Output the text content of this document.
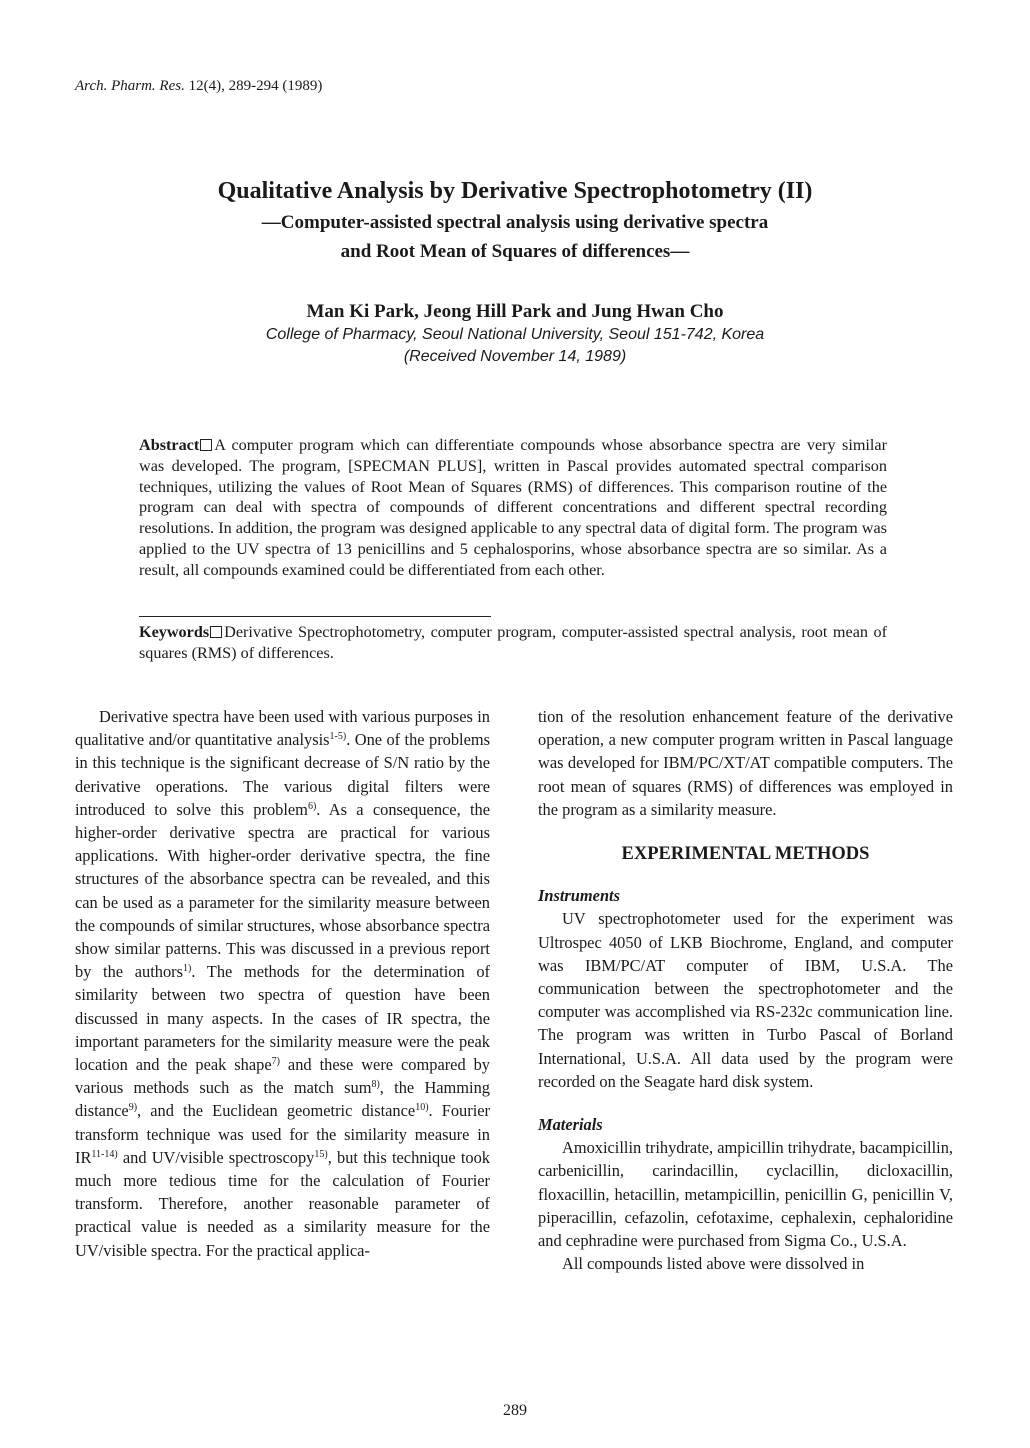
Arch. Pharm. Res. 12(4), 289-294 (1989)
Qualitative Analysis by Derivative Spectrophotometry (II)
—Computer-assisted spectral analysis using derivative spectra
and Root Mean of Squares of differences—
Man Ki Park, Jeong Hill Park and Jung Hwan Cho
College of Pharmacy, Seoul National University, Seoul 151-742, Korea
(Received November 14, 1989)

Abstract A computer program which can differentiate compounds whose absorbance spectra are very similar was developed. The program, [SPECMAN PLUS], written in Pascal provides automated spectral comparison techniques, utilizing the values of Root Mean of Squares (RMS) of differences. This comparison routine of the program can deal with spectra of compounds of different concentrations and different spectral recording resolutions. In addition, the program was designed applicable to any spectral data of digital form. The program was applied to the UV spectra of 13 penicillins and 5 cephalosporins, whose absorbance spectra are so similar. As a result, all compounds examined could be differentiated from each other.

Keywords Derivative Spectrophotometry, computer program, computer-assisted spectral analysis, root mean of squares (RMS) of differences.

Derivative spectra have been used with various purposes in qualitative and/or quantitative analysis$^{1-5)}$. One of the problems in this technique is the significant decrease of S/N ratio by the derivative operations. The various digital filters were introduced to solve this problem$^{6)}$. As a consequence, the higher-order derivative spectra are practical for various applications. With higher-order derivative spectra, the fine structures of the absorbance spectra can be revealed, and this can be used as a parameter for the similarity measure between the compounds of similar structures, whose absorbance spectra show similar patterns. This was discussed in a previous report by the authors$^{1)}$. The methods for the determination of similarity between two spectra of question have been discussed in many aspects. In the cases of IR spectra, the important parameters for the similarity measure were the peak location and the peak shape$^{7)}$ and these were compared by various methods such as the match sum$^{8)}$, the Hamming distance$^{9)}$, and the Euclidean geometric distance$^{10)}$. Fourier transform technique was used for the similarity measure in IR$^{11-14)}$ and UV/visible spectroscopy$^{15)}$, but this technique took much more tedious time for the calculation of Fourier transform. Therefore, another reasonable parameter of practical value is needed as a similarity measure for the UV/visible spectra. For the practical applica-

tion of the resolution enhancement feature of the derivative operation, a new computer program written in Pascal language was developed for IBM/PC/XT/AT compatible computers. The root mean of squares (RMS) of differences was employed in the program as a similarity measure.

EXPERIMENTAL METHODS
Instruments

UV spectrophotometer used for the experiment was Ultrospec 4050 of LKB Biochrome, England, and computer was IBM/PC/AT computer of IBM, U.S.A. The communication between the spectrophotometer and the computer was accomplished via RS-232c communication line. The program was written in Turbo Pascal of Borland International, U.S.A. All data used by the program were recorded on the Seagate hard disk system.

Materials

Amoxicillin trihydrate, ampicillin trihydrate, bacampicillin, carbenicillin, carindacillin, cyclacillin, dicloxacillin, floxacillin, hetacillin, metampicillin, penicillin G, penicillin V, piperacillin, cefazolin, cefotaxime, cephalexin, cephaloridine and cephradine were purchased from Sigma Co., U.S.A.

All compounds listed above were dissolved in

289
